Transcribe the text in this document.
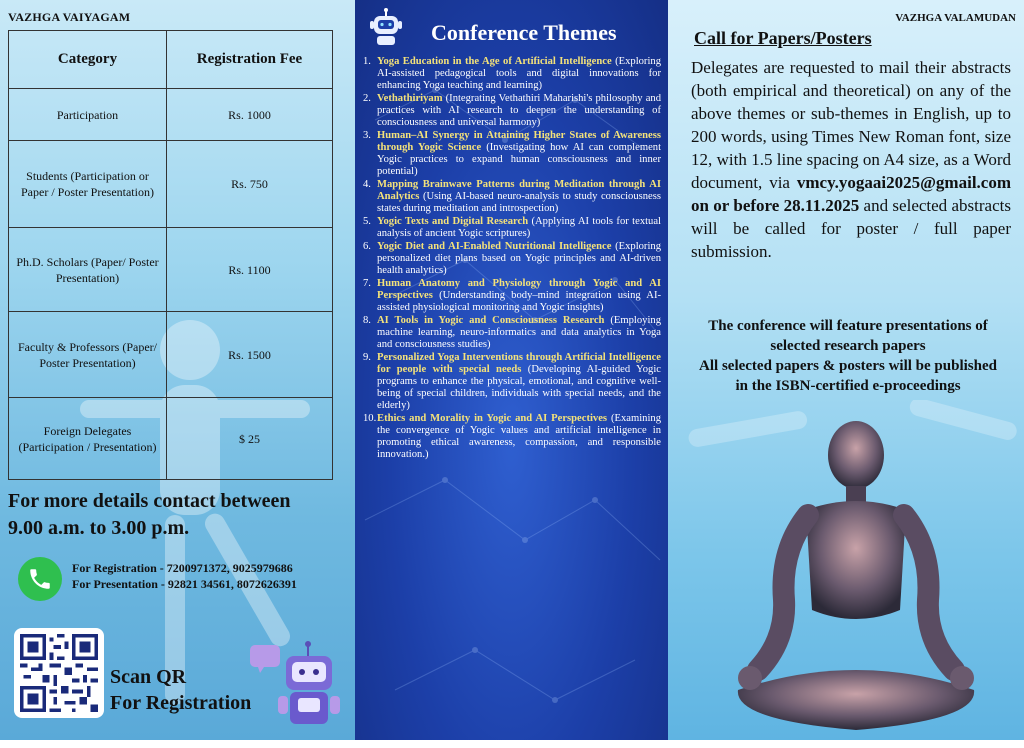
VAZHGA VAIYAGAM
Category	Registration Fee
Participation	Rs. 1000
Students (Participation or Paper / Poster Presentation)	Rs. 750
Ph.D. Scholars (Paper/ Poster Presentation)	Rs. 1100
Faculty & Professors (Paper/ Poster Presentation)	Rs. 1500
Foreign Delegates (Participation / Presentation)	$ 25
For more details contact between
9.00 a.m. to 3.00 p.m.
For Registration - 7200971372, 9025979686
For Presentation - 92821 34561, 8072626391
Scan QR
For Registration
Conference Themes
1. Yoga Education in the Age of Artificial Intelligence (Exploring AI-assisted pedagogical tools and digital innovations for enhancing Yoga teaching and learning)
2. Vethathiriyam (Integrating Vethathiri Maharishi's philosophy and practices with AI research to deepen the understanding of consciousness and universal harmony)
3. Human–AI Synergy in Attaining Higher States of Awareness through Yogic Science (Investigating how AI can complement Yogic practices to expand human consciousness and inner potential)
4. Mapping Brainwave Patterns during Meditation through AI Analytics (Using AI-based neuro-analysis to study consciousness states during meditation and introspection)
5. Yogic Texts and Digital Research (Applying AI tools for textual analysis of ancient Yogic scriptures)
6. Yogic Diet and AI-Enabled Nutritional Intelligence (Exploring personalized diet plans based on Yogic principles and AI-driven health analytics)
7. Human Anatomy and Physiology through Yogic and AI Perspectives (Understanding body–mind integration using AI-assisted physiological monitoring and Yogic insights)
8. AI Tools in Yogic and Consciousness Research (Employing machine learning, neuro-informatics and data analytics in Yoga and consciousness studies)
9. Personalized Yoga Interventions through Artificial Intelligence for people with special needs (Developing AI-guided Yogic programs to enhance the physical, emotional, and cognitive well-being of special children, individuals with special needs, and the elderly)
10. Ethics and Morality in Yogic and AI Perspectives (Examining the convergence of Yogic values and artificial intelligence in promoting ethical awareness, compassion, and responsible innovation.)
VAZHGA VALAMUDAN
Call for Papers/Posters
Delegates are requested to mail their abstracts (both empirical and theoretical) on any of the above themes or sub-themes in English, up to 200 words, using Times New Roman font, size 12, with 1.5 line spacing on A4 size, as a Word document, via vmcy.yogaai2025@gmail.com on or before 28.11.2025 and selected abstracts will be called for poster / full paper submission.
The conference will feature presentations of selected research papers
All selected papers & posters will be published in the ISBN-certified e-proceedings
